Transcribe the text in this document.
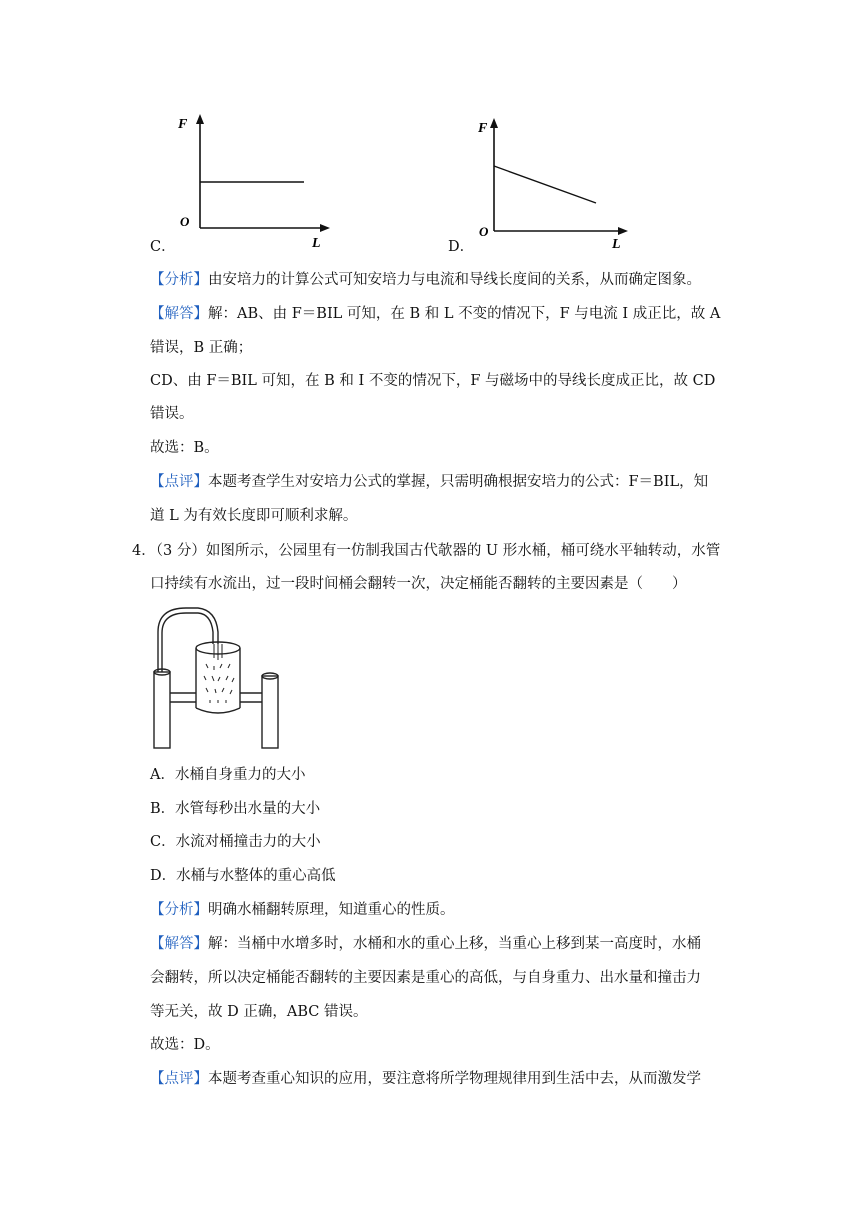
F
O
L
C．
F
O
L
D．
【分析】由安培力的计算公式可知安培力与电流和导线长度间的关系，从而确定图象。
【解答】解：AB、由 F＝BIL 可知，在 B 和 L 不变的情况下，F 与电流 I 成正比，故 A
错误，B 正确；
CD、由 F＝BIL 可知，在 B 和 I 不变的情况下，F 与磁场中的导线长度成正比，故 CD
错误。
故选：B。
【点评】本题考查学生对安培力公式的掌握，只需明确根据安培力的公式：F＝BIL，知
道 L 为有效长度即可顺利求解。
4．（3 分）如图所示，公园里有一仿制我国古代欹器的 U 形水桶，桶可绕水平轴转动，水管
口持续有水流出，过一段时间桶会翻转一次，决定桶能否翻转的主要因素是（　　）
A．水桶自身重力的大小
B．水管每秒出水量的大小
C．水流对桶撞击力的大小
D．水桶与水整体的重心高低
【分析】明确水桶翻转原理，知道重心的性质。
【解答】解：当桶中水增多时，水桶和水的重心上移，当重心上移到某一高度时，水桶
会翻转，所以决定桶能否翻转的主要因素是重心的高低，与自身重力、出水量和撞击力
等无关，故 D 正确，ABC 错误。
故选：D。
【点评】本题考查重心知识的应用，要注意将所学物理规律用到生活中去，从而激发学
